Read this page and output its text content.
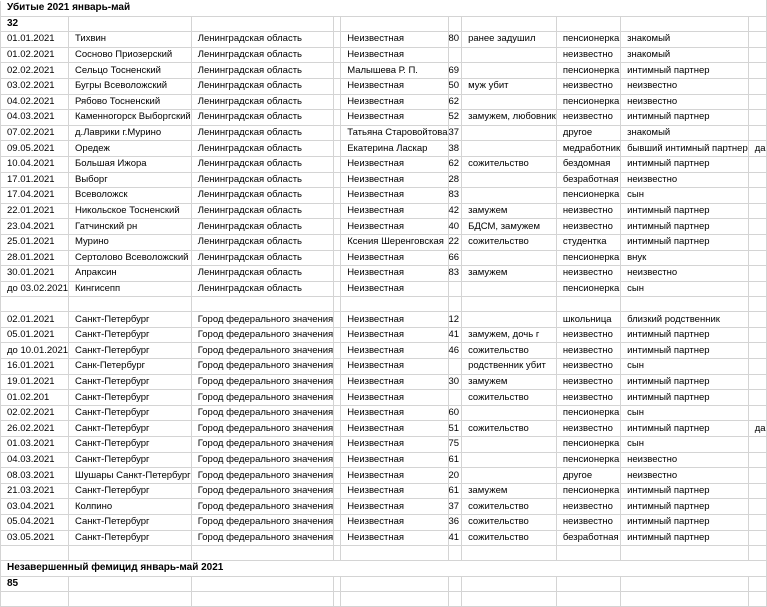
Убитые 2021 январь-май									
32									
01.01.2021	Тихвин	Ленинградская область		Неизвестная	80	ранее задушил	пенсионерка	знакомый	
01.02.2021	Сосново Приозерский	Ленинградская область		Неизвестная			неизвестно	знакомый	
02.02.2021	Сельцо Тосненский	Ленинградская область		Малышева Р. П.	69		пенсионерка	интимный партнер	
03.02.2021	Бугры Всеволожский	Ленинградская область		Неизвестная	50	муж убит	неизвестно	неизвестно	
04.02.2021	Рябово Тосненский	Ленинградская область		Неизвестная	62		пенсионерка	неизвестно	
04.03.2021	Каменногорск Выборгский	Ленинградская область		Неизвестная	52	замужем, любовник	неизвестно	интимный партнер	
07.02.2021	д.Лаврики г.Мурино	Ленинградская область		Татьяна Старовойтова	37		другое	знакомый	
09.05.2021	Оредеж	Ленинградская область		Екатерина Ласкар	38		медработник	бывший интимный партнер	да
10.04.2021	Большая Ижора	Ленинградская область		Неизвестная	62	сожительство	бездомная	интимный партнер	
17.01.2021	Выборг	Ленинградская область		Неизвестная	28		безработная	неизвестно	
17.04.2021	Всеволожск	Ленинградская область		Неизвестная	83		пенсионерка	сын	
22.01.2021	Никольское Тосненский	Ленинградская область		Неизвестная	42	замужем	неизвестно	интимный партнер	
23.04.2021	Гатчинский рн	Ленинградская область		Неизвестная	40	БДСМ, замужем	неизвестно	интимный партнер	
25.01.2021	Мурино	Ленинградская область		Ксения Шеренговская	22	сожительство	студентка	интимный партнер	
28.01.2021	Сертолово Всеволожский	Ленинградская область		Неизвестная	66		пенсионерка	внук	
30.01.2021	Апраксин	Ленинградская область		Неизвестная	83	замужем	неизвестно	неизвестно	
до 03.02.2021	Кингисепп	Ленинградская область		Неизвестная			пенсионерка	сын	

02.01.2021	Санкт-Петербург	Город федерального значения		Неизвестная	12		школьница	близкий родственник	
05.01.2021	Санкт-Петербург	Город федерального значения		Неизвестная	41	замужем, дочь г	неизвестно	интимный партнер	
до 10.01.2021	Санкт-Петербург	Город федерального значения		Неизвестная	46	сожительство	неизвестно	интимный партнер	
16.01.2021	Санк-Петербург	Город федерального значения		Неизвестная		родственник убит	неизвестно	сын	
19.01.2021	Санкт-Петербург	Город федерального значения		Неизвестная	30	замужем	неизвестно	интимный партнер	
01.02.201	Санкт-Петербург	Город федерального значения		Неизвестная		сожительство	неизвестно	интимный партнер	
02.02.2021	Санкт-Петербург	Город федерального значения		Неизвестная	60		пенсионерка	сын	
26.02.2021	Санкт-Петербург	Город федерального значения		Неизвестная	51	сожительство	неизвестно	интимный партнер	да
01.03.2021	Санкт-Петербург	Город федерального значения		Неизвестная	75		пенсионерка	сын	
04.03.2021	Санкт-Петербург	Город федерального значения		Неизвестная	61		пенсионерка	неизвестно	
08.03.2021	Шушары Санкт-Петербург	Город федерального значения		Неизвестная	20		другое	неизвестно	
21.03.2021	Санкт-Петербург	Город федерального значения		Неизвестная	61	замужем	пенсионерка	интимный партнер	
03.04.2021	Колпино	Город федерального значения		Неизвестная	37	сожительство	неизвестно	интимный партнер	
05.04.2021	Санкт-Петербург	Город федерального значения		Неизвестная	36	сожительство	неизвестно	интимный партнер	
03.05.2021	Санкт-Петербург	Город федерального значения		Неизвестная	41	сожительство	безработная	интимный партнер	

Незавершенный фемицид январь-май 2021									
85									
